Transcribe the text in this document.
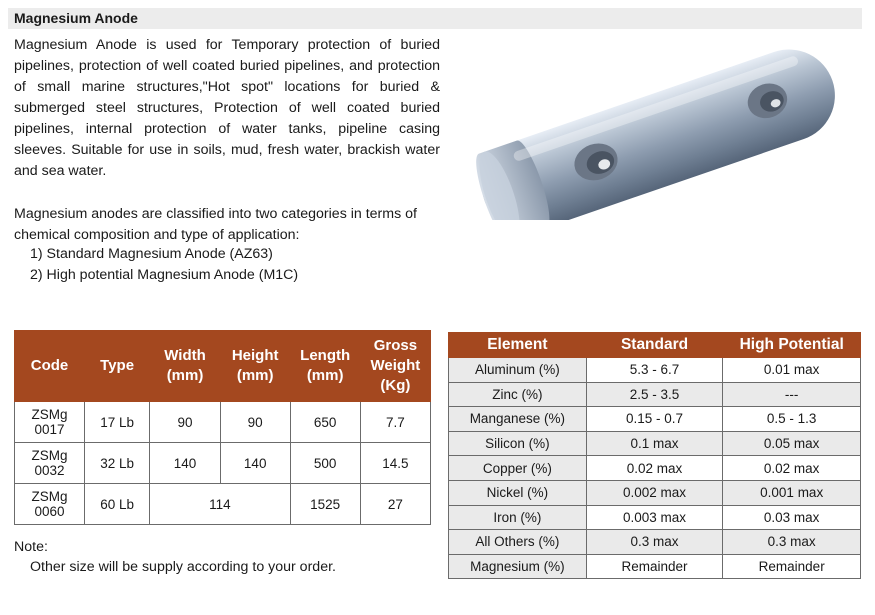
Magnesium Anode

Magnesium Anode is used for Temporary protection of buried pipelines, protection of well coated buried pipelines, and protection of small marine structures,"Hot spot" locations for buried & submerged steel structures, Protection of well coated buried pipelines, internal protection of water tanks, pipeline casing sleeves. Suitable for use in soils, mud, fresh water, brackish water and sea water.

Magnesium anodes are classified into two categories in terms of chemical composition and type of application:

1) Standard Magnesium Anode (AZ63)
2) High potential Magnesium Anode (M1C)
Code	Type	Width (mm)	Height (mm)	Length (mm)	Gross Weight (Kg)
ZSMg 0017	17 Lb	90	90	650	7.7
ZSMg 0032	32 Lb	140	140	500	14.5
ZSMg 0060	60 Lb	114		1525	27
Element	Standard	High Potential
Aluminum (%)	5.3 - 6.7	0.01 max
Zinc (%)	2.5 - 3.5	---
Manganese (%)	0.15 - 0.7	0.5 - 1.3
Silicon (%)	0.1 max	0.05 max
Copper (%)	0.02 max	0.02 max
Nickel (%)	0.002 max	0.001 max
Iron (%)	0.003 max	0.03 max
All Others (%)	0.3 max	0.3 max
Magnesium (%)	Remainder	Remainder
Note:
Other size will be supply according to your order.
